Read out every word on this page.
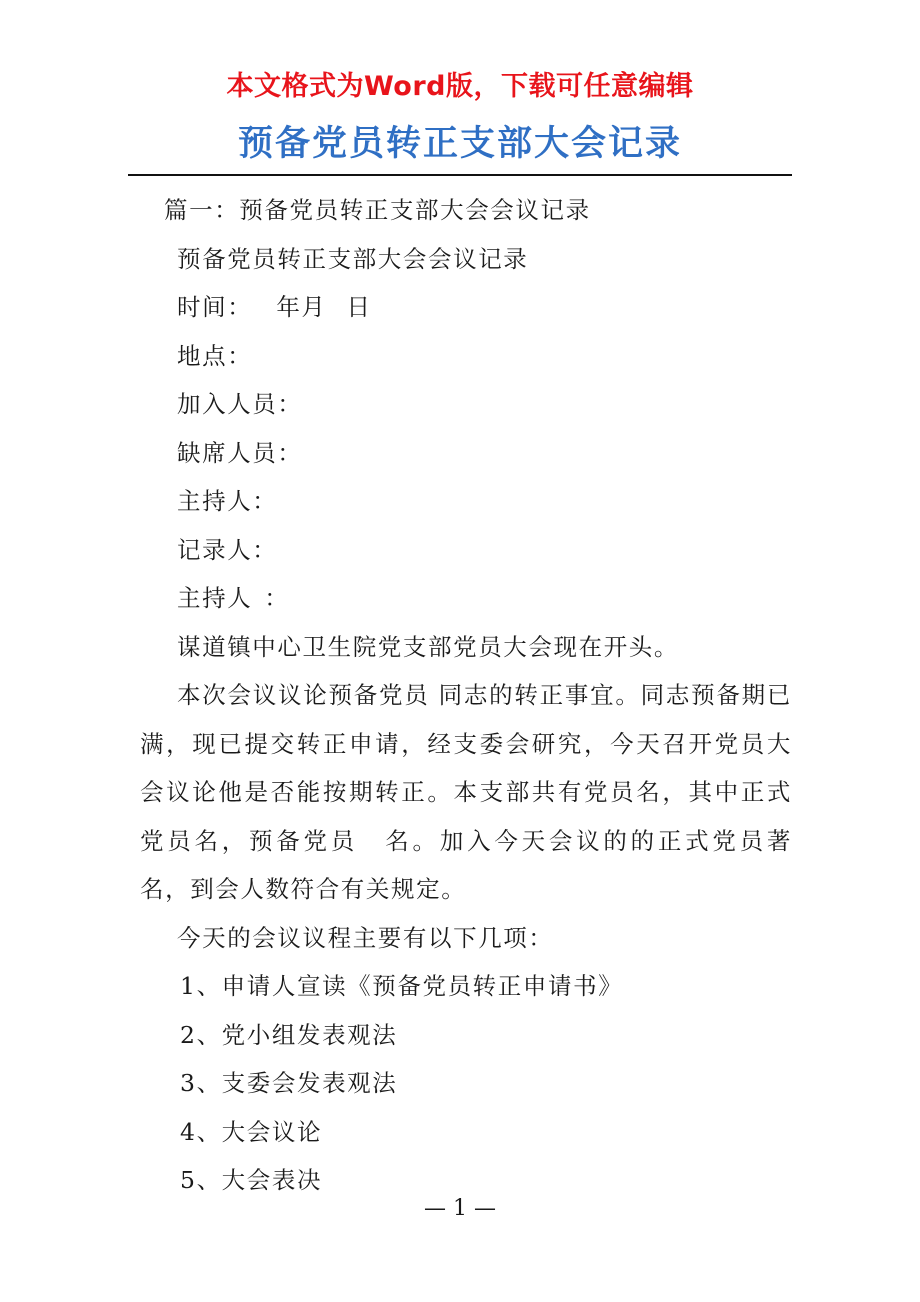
本文格式为Word版，下载可任意编辑
预备党员转正支部大会记录
篇一：预备党员转正支部大会会议记录
预备党员转正支部大会会议记录
时间： 年月 日
地点：
加入人员：
缺席人员：
主持人：
记录人：
主持人 ：
谋道镇中心卫生院党支部党员大会现在开头。
本次会议议论预备党员 同志的转正事宜。同志预备期已满，现已提交转正申请，经支委会研究，今天召开党员大会议论他是否能按期转正。本支部共有党员名，其中正式党员名，预备党员　名。加入今天会议的的正式党员著名，到会人数符合有关规定。
今天的会议议程主要有以下几项：
1、申请人宣读《预备党员转正申请书》
2、党小组发表观法
3、支委会发表观法
4、大会议论
5、大会表决
— 1 —
